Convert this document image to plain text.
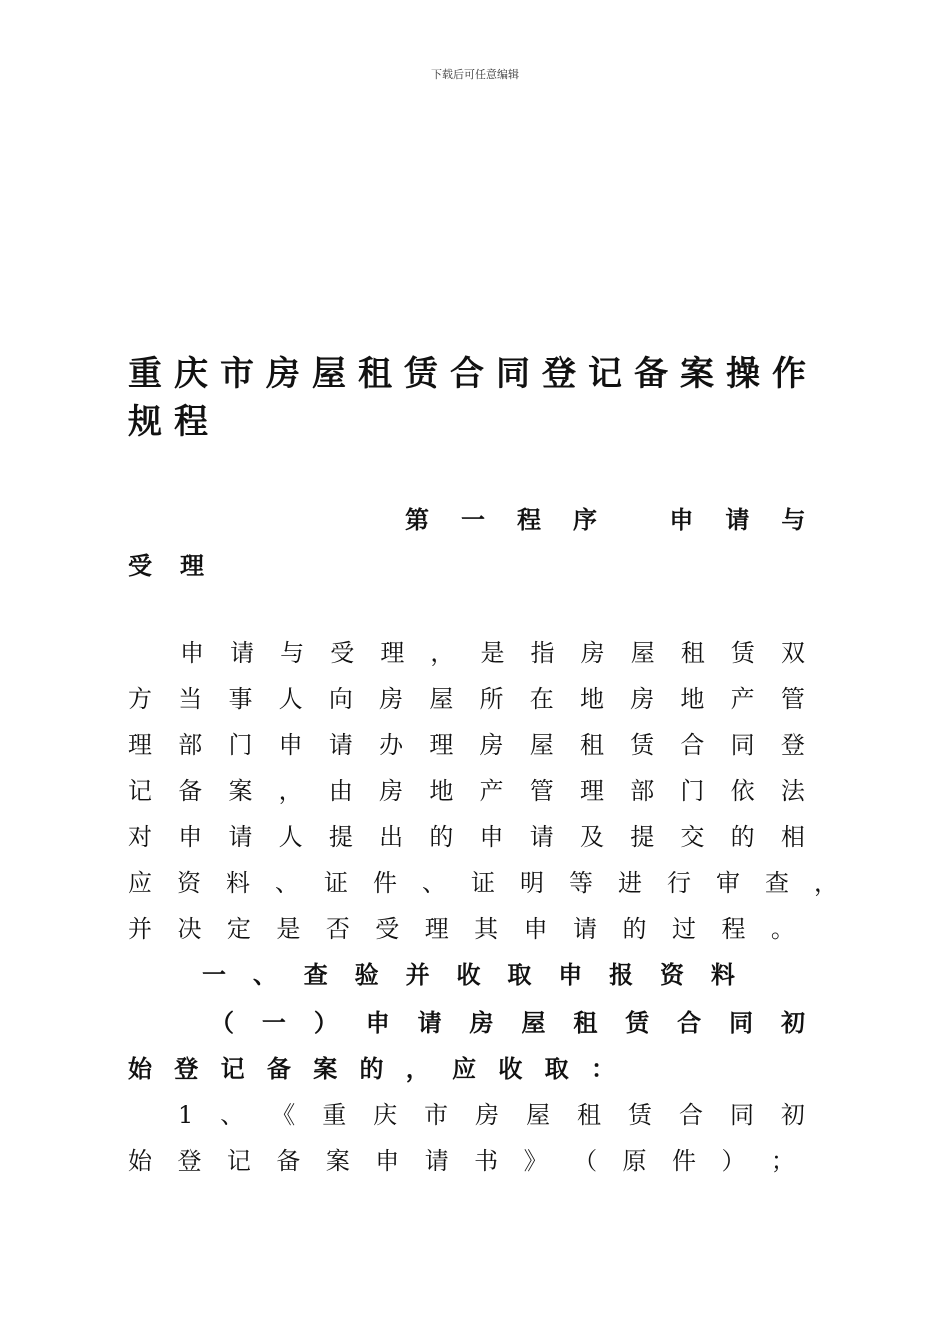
下载后可任意编辑
重庆市房屋租赁合同登记备案操作规程
第一程序 申请与
受理
申 请 与 受 理 ， 是 指 房 屋 租 赁 双
方 当 事 人 向 房 屋 所 在 地 房 地 产 管
理 部 门 申 请 办 理 房 屋 租 赁 合 同 登
记 备 案 ， 由 房 地 产 管 理 部 门 依 法
对 申 请 人 提 出 的 申 请 及 提 交 的 相
应 资 料 、 证 件 、 证 明 等 进 行 审 查 ，
并 决 定 是 否 受 理 其 申 请 的 过 程 。
一 、 查 验 并 收 取 申 报 资 料
（ 一 ） 申 请 房 屋 租 赁 合 同 初
始 登 记 备 案 的 ， 应 收 取 ：
1 、 《 重 庆 市 房 屋 租 赁 合 同 初
始 登 记 备 案 申 请 书 》 （ 原 件 ） ；
